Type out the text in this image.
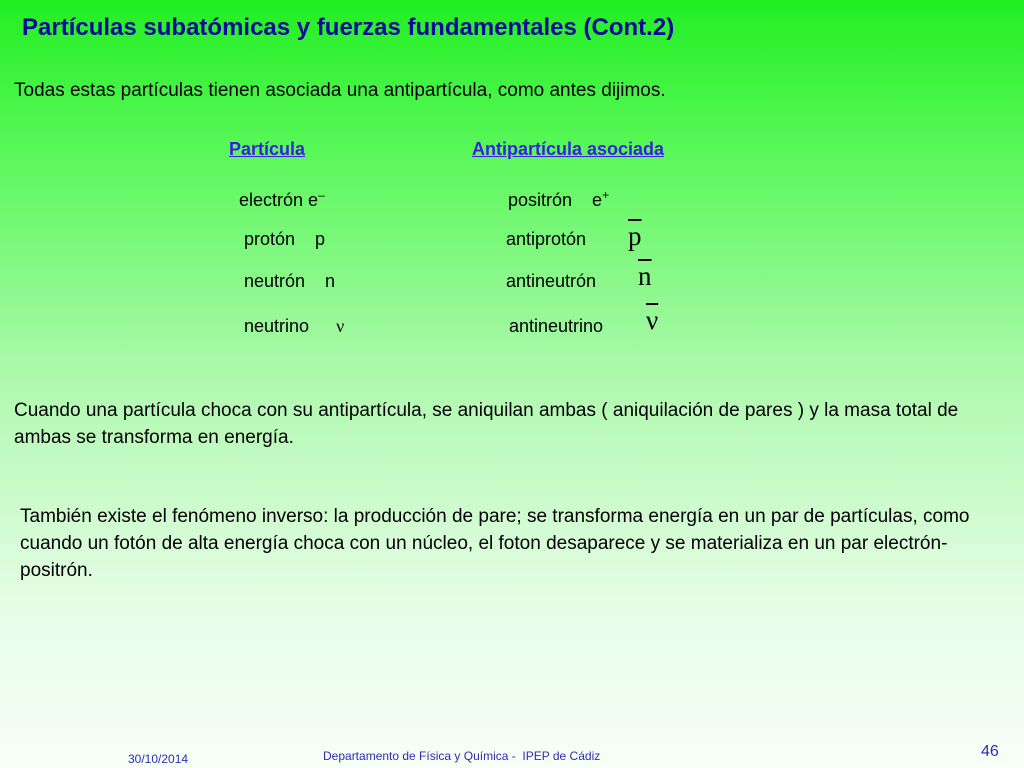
Partículas subatómicas y fuerzas fundamentales (Cont.2)
Todas estas partículas tienen asociada una antipartícula, como antes dijimos.
Partícula	Antipartícula asociada
electrón e–	positrón    e+
protón    p	antiprotón $\overline{p}$
neutrón    n	antineutrón $\overline{n}$
neutrino ν	antineutrino $\overline{\nu}$
Cuando una partícula choca con su antipartícula, se aniquilan ambas ( aniquilación de pares ) y la masa total de ambas se transforma en energía.
También existe el fenómeno inverso: la producción de pare; se transforma energía en un par de partículas, como cuando un fotón de alta energía choca con un núcleo, el foton desaparece y se materializa en un par electrón-positrón.
30/10/2014	Departamento de Física y Química -  IPEP de Cádiz	46
